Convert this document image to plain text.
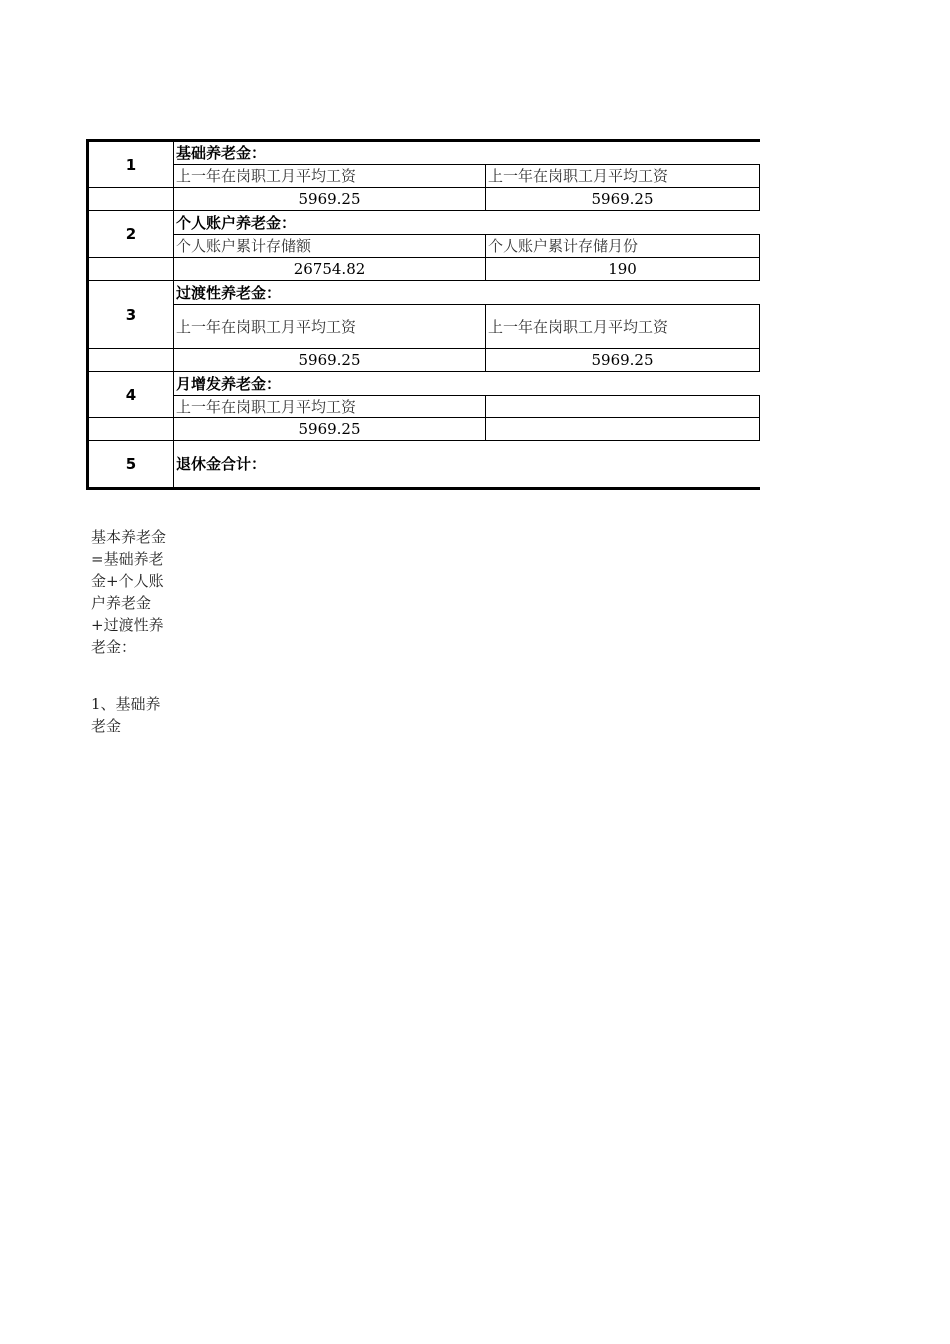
1	基础养老金：	
	上一年在岗职工月平均工资	上一年在岗职工月平均工资
	5969.25	5969.25
2	个人账户养老金：	
	个人账户累计存储额	个人账户累计存储月份
	26754.82	190
3	过渡性养老金：	
	上一年在岗职工月平均工资	上一年在岗职工月平均工资
	5969.25	5969.25
4	月增发养老金：	
	上一年在岗职工月平均工资	
	5969.25	
5	退休金合计：	
基本养老金=基础养老金+个人账户养老金+过渡性养老金：
1、基础养老金
